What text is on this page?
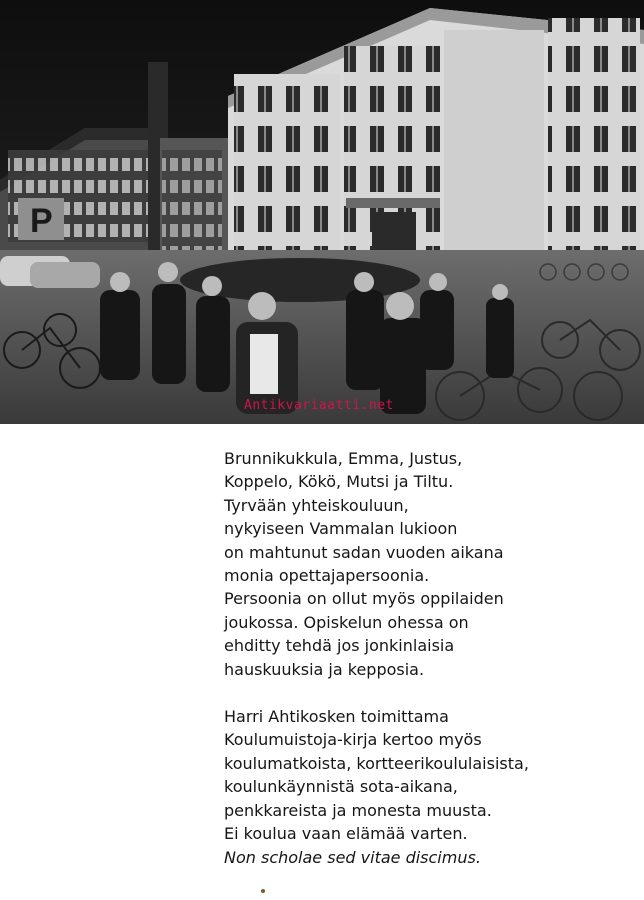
P
Antikvariaatti.net

Brunnikukkula, Emma, Justus,
Koppelo, Kökö, Mutsi ja Tiltu.
Tyrvään yhteiskouluun,
nykyiseen Vammalan lukioon
on mahtunut sadan vuoden aikana
monia opettajapersoonia.
Persoonia on ollut myös oppilaiden
joukossa. Opiskelun ohessa on
ehditty tehdä jos jonkinlaisia
hauskuuksia ja kepposia.

Harri Ahtikosken toimittama
Koulumuistoja-kirja kertoo myös
koulumatkoista, kortteerikoululaisista,
koulunkäynnistä sota-aikana,
penkkareista ja monesta muusta.
Ei koulua vaan elämää varten.
Non scholae sed vitae discimus.
